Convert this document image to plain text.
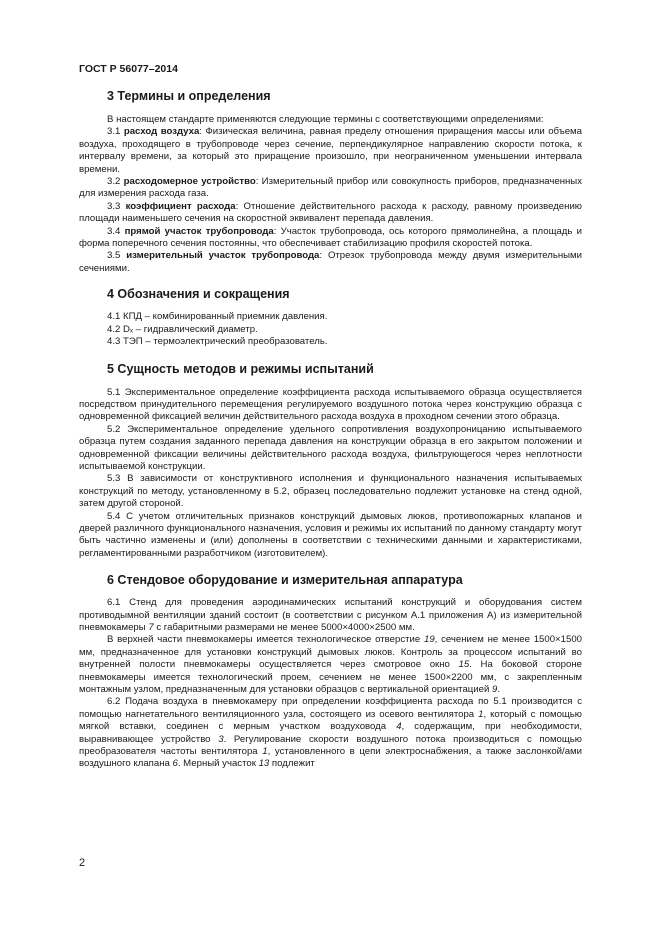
ГОСТ Р 56077–2014
3 Термины и определения

В настоящем стандарте применяются следующие термины с соответствующими определениями:

3.1 расход воздуха: Физическая величина, равная пределу отношения приращения массы или объема воздуха, проходящего в трубопроводе через сечение, перпендикулярное направлению скорости потока, к интервалу времени, за который это приращение произошло, при неограниченном уменьшении интервала времени.

3.2 расходомерное устройство: Измерительный прибор или совокупность приборов, предназначенных для измерения расхода газа.

3.3 коэффициент расхода: Отношение действительного расхода к расходу, равному произведению площади наименьшего сечения на скоростной эквивалент перепада давления.

3.4 прямой участок трубопровода: Участок трубопровода, ось которого прямолинейна, а площадь и форма поперечного сечения постоянны, что обеспечивает стабилизацию профиля скоростей потока.

3.5 измерительный участок трубопровода: Отрезок трубопровода между двумя измерительными сечениями.

4 Обозначения и сокращения

4.1 КПД – комбинированный приемник давления.

4.2 Dₓ – гидравлический диаметр.

4.3 ТЭП – термоэлектрический преобразователь.

5 Сущность методов и режимы испытаний

5.1 Экспериментальное определение коэффициента расхода испытываемого образца осуществляется посредством принудительного перемещения регулируемого воздушного потока через конструкцию образца с одновременной фиксацией величин действительного расхода воздуха в проходном сечении этого образца.

5.2 Экспериментальное определение удельного сопротивления воздухопроницанию испытываемого образца путем создания заданного перепада давления на конструкции образца в его закрытом положении и одновременной фиксации величины действительного расхода воздуха, фильтрующегося через неплотности испытываемой конструкции.

5.3 В зависимости от конструктивного исполнения и функционального назначения испытываемых конструкций по методу, установленному в 5.2, образец последовательно подлежит установке на стенд одной, затем другой стороной.

5.4 С учетом отличительных признаков конструкций дымовых люков, противопожарных клапанов и дверей различного функционального назначения, условия и режимы их испытаний по данному стандарту могут быть частично изменены и (или) дополнены в соответствии с техническими данными и характеристиками, регламентированными разработчиком (изготовителем).

6 Стендовое оборудование и измерительная аппаратура

6.1 Стенд для проведения аэродинамических испытаний конструкций и оборудования систем противодымной вентиляции зданий состоит (в соответствии с рисунком А.1 приложения А) из измерительной пневмокамеры 7 с габаритными размерами не менее 5000×4000×2500 мм.

В верхней части пневмокамеры имеется технологическое отверстие 19, сечением не менее 1500×1500 мм, предназначенное для установки конструкций дымовых люков. Контроль за процессом испытаний во внутренней полости пневмокамеры осуществляется через смотровое окно 15. На боковой стороне пневмокамеры имеется технологический проем, сечением не менее 1500×2200 мм, с закрепленным монтажным узлом, предназначенным для установки образцов с вертикальной ориентацией 9.

6.2 Подача воздуха в пневмокамеру при определении коэффициента расхода по 5.1 производится с помощью нагнетательного вентиляционного узла, состоящего из осевого вентилятора 1, который с помощью мягкой вставки, соединен с мерным участком воздуховода 4, содержащим, при необходимости, выравнивающее устройство 3. Регулирование скорости воздушного потока производиться с помощью преобразователя частоты вентилятора 1, установленного в цепи электроснабжения, а также заслонкой/ами воздушного клапана 6. Мерный участок 13 подлежит

2
